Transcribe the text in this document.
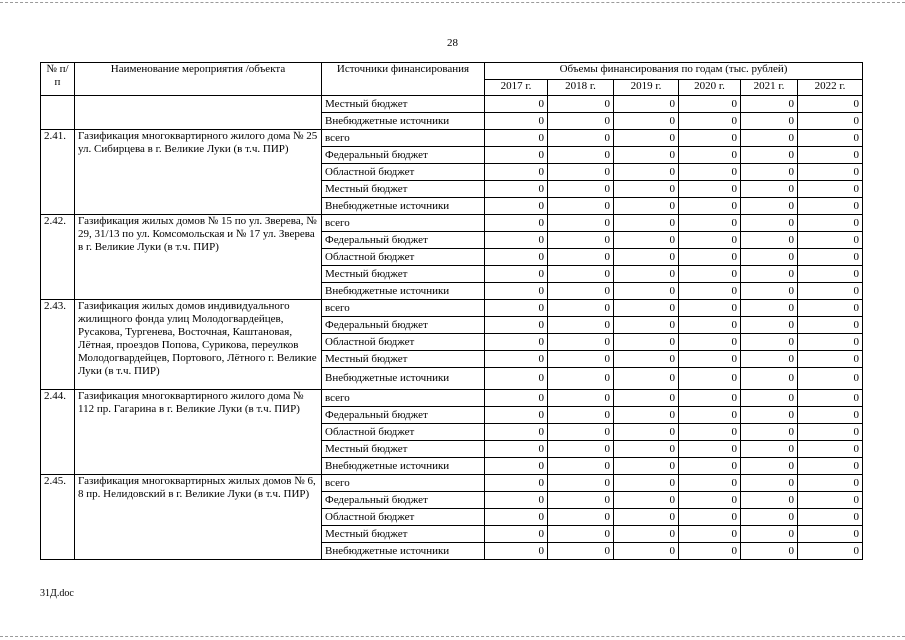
28
№ п/п	Наименование мероприятия /объекта	Источники финансирования	Объемы финансирования по годам (тыс. рублей)					
			2017 г.	2018 г.	2019 г.	2020 г.	2021 г.	2022 г.
		Местный бюджет	0	0	0	0	0	0
		Внебюджетные источники	0	0	0	0	0	0
2.41.	Газификация многоквартирного жилого дома № 25 ул. Сибирцева в г. Великие Луки (в т.ч. ПИР)	всего	0	0	0	0	0	0
		Федеральный бюджет	0	0	0	0	0	0
		Областной бюджет	0	0	0	0	0	0
		Местный бюджет	0	0	0	0	0	0
		Внебюджетные источники	0	0	0	0	0	0
2.42.	Газификация жилых домов № 15 по ул. Зверева, № 29, 31/13 по ул. Комсомольская и № 17 ул. Зверева в г. Великие Луки (в т.ч. ПИР)	всего	0	0	0	0	0	0
		Федеральный бюджет	0	0	0	0	0	0
		Областной бюджет	0	0	0	0	0	0
		Местный бюджет	0	0	0	0	0	0
		Внебюджетные источники	0	0	0	0	0	0
2.43.	Газификация жилых домов индивидуального жилищного фонда улиц Молодогвардейцев, Русакова, Тургенева, Восточная, Каштановая, Лётная, проездов Попова, Сурикова, переулков Молодогвардейцев, Портового, Лётного г. Великие Луки (в т.ч. ПИР)	всего	0	0	0	0	0	0
		Федеральный бюджет	0	0	0	0	0	0
		Областной бюджет	0	0	0	0	0	0
		Местный бюджет	0	0	0	0	0	0
		Внебюджетные источники	0	0	0	0	0	0
2.44.	Газификация многоквартирного жилого дома № 112 пр. Гагарина в г. Великие Луки (в т.ч. ПИР)	всего	0	0	0	0	0	0
		Федеральный бюджет	0	0	0	0	0	0
		Областной бюджет	0	0	0	0	0	0
		Местный бюджет	0	0	0	0	0	0
		Внебюджетные источники	0	0	0	0	0	0
2.45.	Газификация многоквартирных жилых домов № 6, 8 пр. Нелидовский в г. Великие Луки (в т.ч. ПИР)	всего	0	0	0	0	0	0
		Федеральный бюджет	0	0	0	0	0	0
		Областной бюджет	0	0	0	0	0	0
		Местный бюджет	0	0	0	0	0	0
		Внебюджетные источники	0	0	0	0	0	0
31Д.doc
